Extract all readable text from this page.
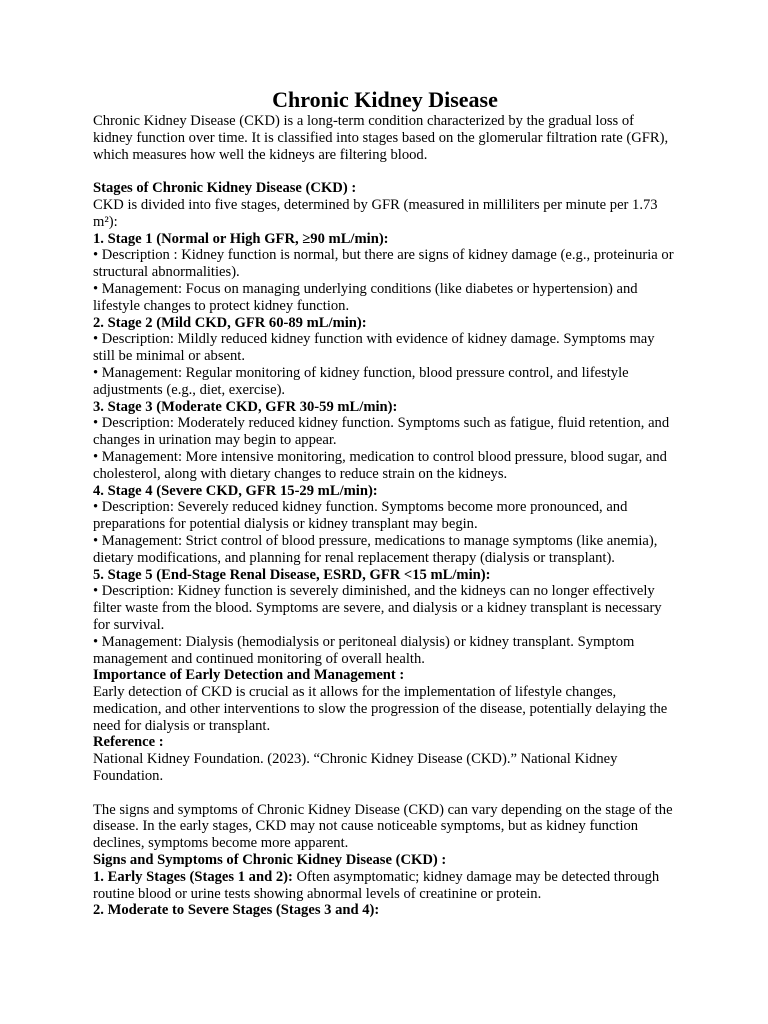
Chronic Kidney Disease

Chronic Kidney Disease (CKD) is a long-term condition characterized by the gradual loss of kidney function over time. It is classified into stages based on the glomerular filtration rate (GFR), which measures how well the kidneys are filtering blood.

Stages of Chronic Kidney Disease (CKD) :

CKD is divided into five stages, determined by GFR (measured in milliliters per minute per 1.73 m²):

1. Stage 1 (Normal or High GFR, ≥90 mL/min):

• Description : Kidney function is normal, but there are signs of kidney damage (e.g., proteinuria or structural abnormalities).

• Management: Focus on managing underlying conditions (like diabetes or hypertension) and lifestyle changes to protect kidney function.

2. Stage 2 (Mild CKD, GFR 60-89 mL/min):

• Description: Mildly reduced kidney function with evidence of kidney damage. Symptoms may still be minimal or absent.

• Management: Regular monitoring of kidney function, blood pressure control, and lifestyle adjustments (e.g., diet, exercise).

3. Stage 3 (Moderate CKD, GFR 30-59 mL/min):

• Description: Moderately reduced kidney function. Symptoms such as fatigue, fluid retention, and changes in urination may begin to appear.

• Management: More intensive monitoring, medication to control blood pressure, blood sugar, and cholesterol, along with dietary changes to reduce strain on the kidneys.

4. Stage 4 (Severe CKD, GFR 15-29 mL/min):

• Description: Severely reduced kidney function. Symptoms become more pronounced, and preparations for potential dialysis or kidney transplant may begin.

• Management: Strict control of blood pressure, medications to manage symptoms (like anemia), dietary modifications, and planning for renal replacement therapy (dialysis or transplant).

5. Stage 5 (End-Stage Renal Disease, ESRD, GFR <15 mL/min):

• Description: Kidney function is severely diminished, and the kidneys can no longer effectively filter waste from the blood. Symptoms are severe, and dialysis or a kidney transplant is necessary for survival.

• Management: Dialysis (hemodialysis or peritoneal dialysis) or kidney transplant. Symptom management and continued monitoring of overall health.

Importance of Early Detection and Management :

Early detection of CKD is crucial as it allows for the implementation of lifestyle changes, medication, and other interventions to slow the progression of the disease, potentially delaying the need for dialysis or transplant.

Reference :

National Kidney Foundation. (2023). “Chronic Kidney Disease (CKD).” National Kidney Foundation.

The signs and symptoms of Chronic Kidney Disease (CKD) can vary depending on the stage of the disease. In the early stages, CKD may not cause noticeable symptoms, but as kidney function declines, symptoms become more apparent.

Signs and Symptoms of Chronic Kidney Disease (CKD) :

1. Early Stages (Stages 1 and 2): Often asymptomatic; kidney damage may be detected through routine blood or urine tests showing abnormal levels of creatinine or protein.

2. Moderate to Severe Stages (Stages 3 and 4):
